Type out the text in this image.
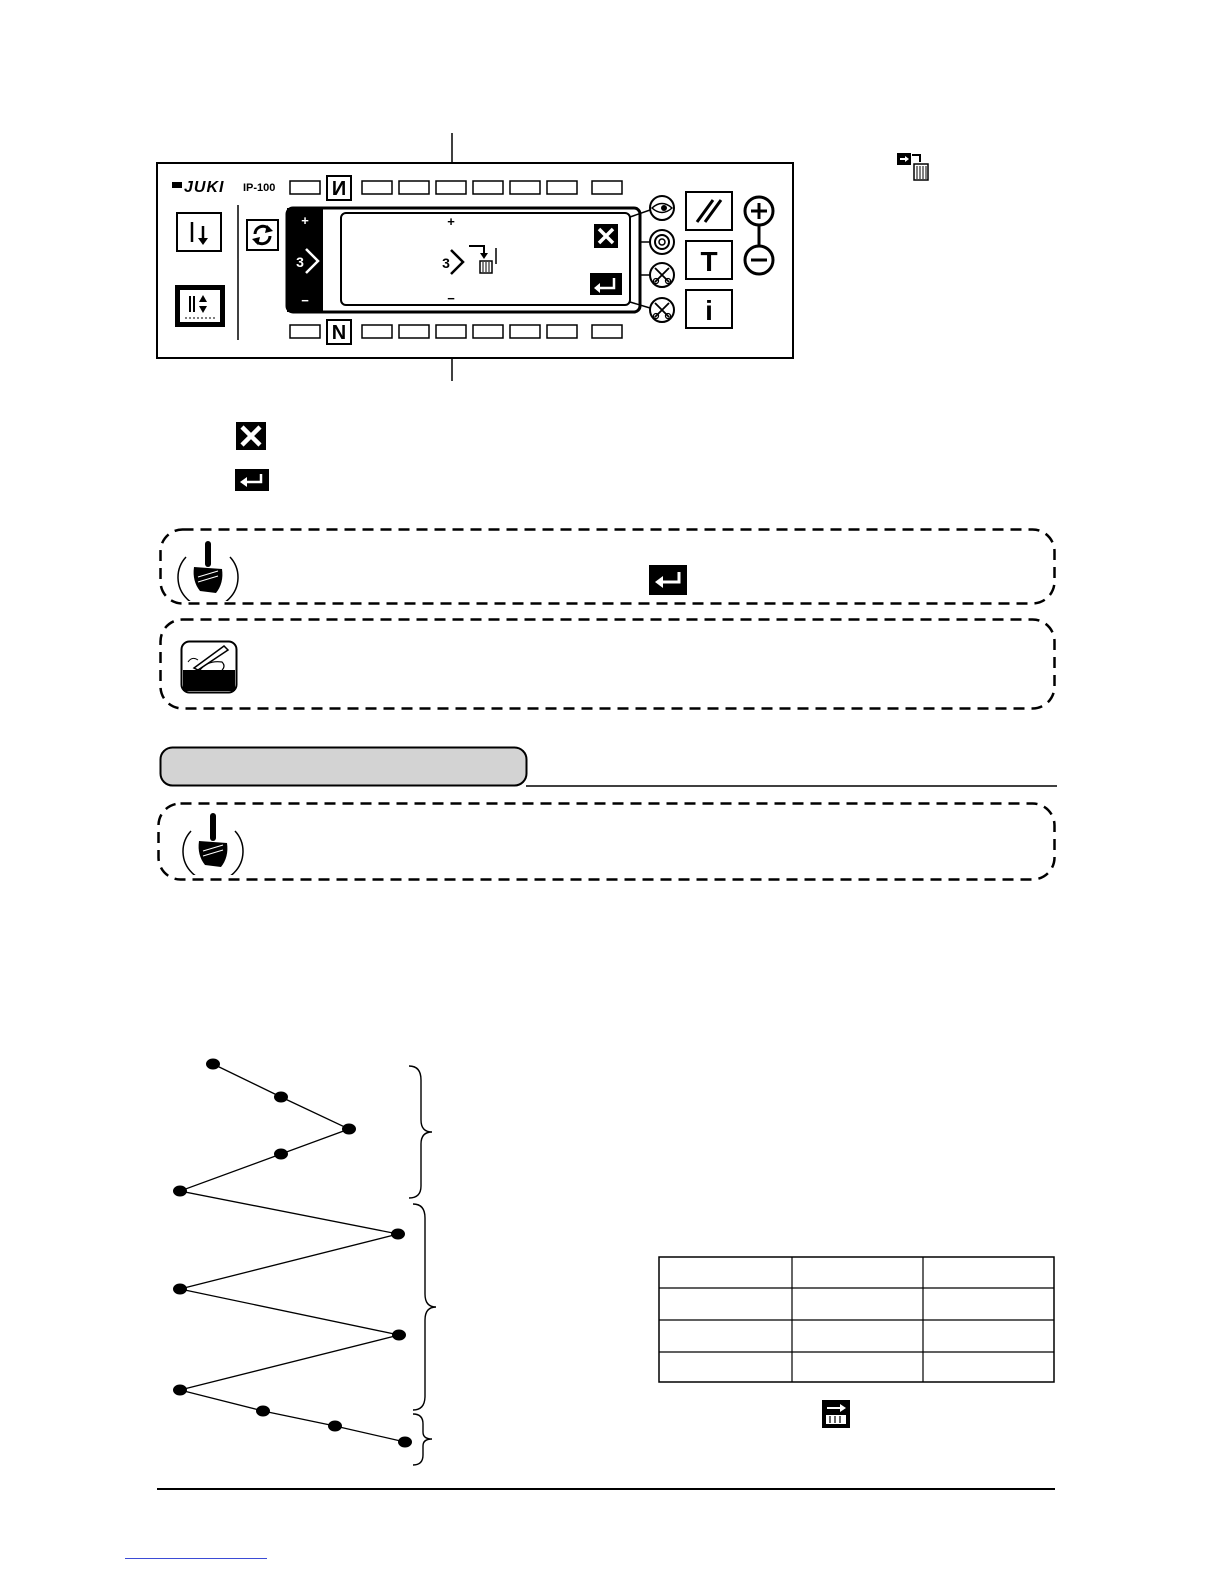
JUKI IP-100	N
N
+
−
3
+
−
3	T
i
